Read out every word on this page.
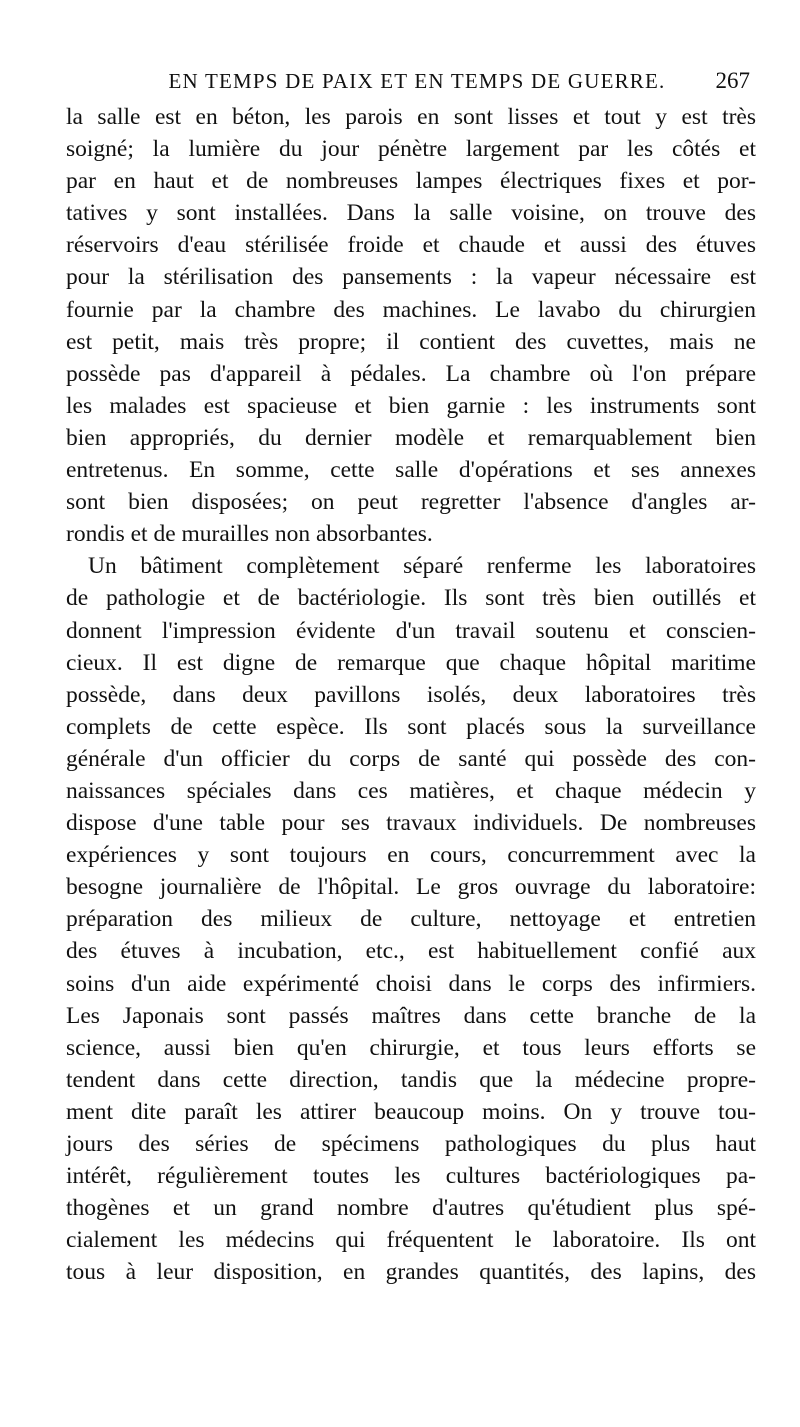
EN TEMPS DE PAIX ET EN TEMPS DE GUERRE.	267
la salle est en béton, les parois en sont lisses et tout y est très
soigné; la lumière du jour pénètre largement par les côtés et
par en haut et de nombreuses lampes électriques fixes et por-
tatives y sont installées. Dans la salle voisine, on trouve des
réservoirs d'eau stérilisée froide et chaude et aussi des étuves
pour la stérilisation des pansements : la vapeur nécessaire est
fournie par la chambre des machines. Le lavabo du chirurgien
est petit, mais très propre; il contient des cuvettes, mais ne
possède pas d'appareil à pédales. La chambre où l'on prépare
les malades est spacieuse et bien garnie : les instruments sont
bien appropriés, du dernier modèle et remarquablement bien
entretenus. En somme, cette salle d'opérations et ses annexes
sont bien disposées; on peut regretter l'absence d'angles ar-
rondis et de murailles non absorbantes.
Un bâtiment complètement séparé renferme les laboratoires
de pathologie et de bactériologie. Ils sont très bien outillés et
donnent l'impression évidente d'un travail soutenu et conscien-
cieux. Il est digne de remarque que chaque hôpital maritime
possède, dans deux pavillons isolés, deux laboratoires très
complets de cette espèce. Ils sont placés sous la surveillance
générale d'un officier du corps de santé qui possède des con-
naissances spéciales dans ces matières, et chaque médecin y
dispose d'une table pour ses travaux individuels. De nombreuses
expériences y sont toujours en cours, concurremment avec la
besogne journalière de l'hôpital. Le gros ouvrage du laboratoire:
préparation des milieux de culture, nettoyage et entretien
des étuves à incubation, etc., est habituellement confié aux
soins d'un aide expérimenté choisi dans le corps des infirmiers.
Les Japonais sont passés maîtres dans cette branche de la
science, aussi bien qu'en chirurgie, et tous leurs efforts se
tendent dans cette direction, tandis que la médecine propre-
ment dite paraît les attirer beaucoup moins. On y trouve tou-
jours des séries de spécimens pathologiques du plus haut
intérêt, régulièrement toutes les cultures bactériologiques pa-
thogènes et un grand nombre d'autres qu'étudient plus spé-
cialement les médecins qui fréquentent le laboratoire. Ils ont
tous à leur disposition, en grandes quantités, des lapins, des
